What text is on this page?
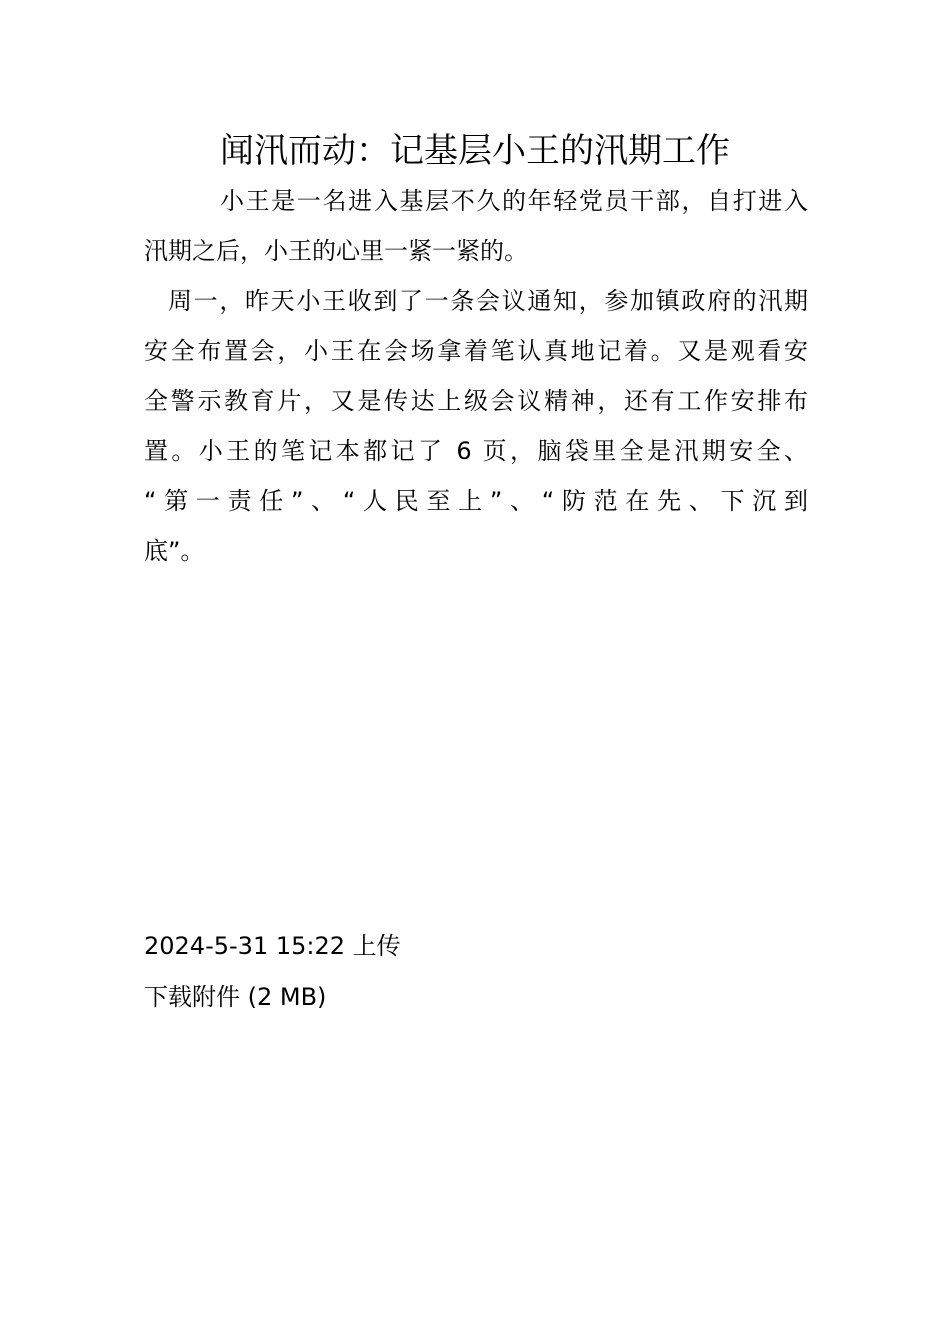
闻汛而动：记基层小王的汛期工作
小王是一名进入基层不久的年轻党员干部，自打进入
汛期之后，小王的心里一紧一紧的。
周一，昨天小王收到了一条会议通知，参加镇政府的汛期
安全布置会，小王在会场拿着笔认真地记着。又是观看安
全警示教育片，又是传达上级会议精神，还有工作安排布
置。小王的笔记本都记了 6 页，脑袋里全是汛期安全、
“第一责任”、“人民至上”、“防范在先、下沉到
底”。
2024-5-31 15:22 上传
下载附件 (2 MB)
